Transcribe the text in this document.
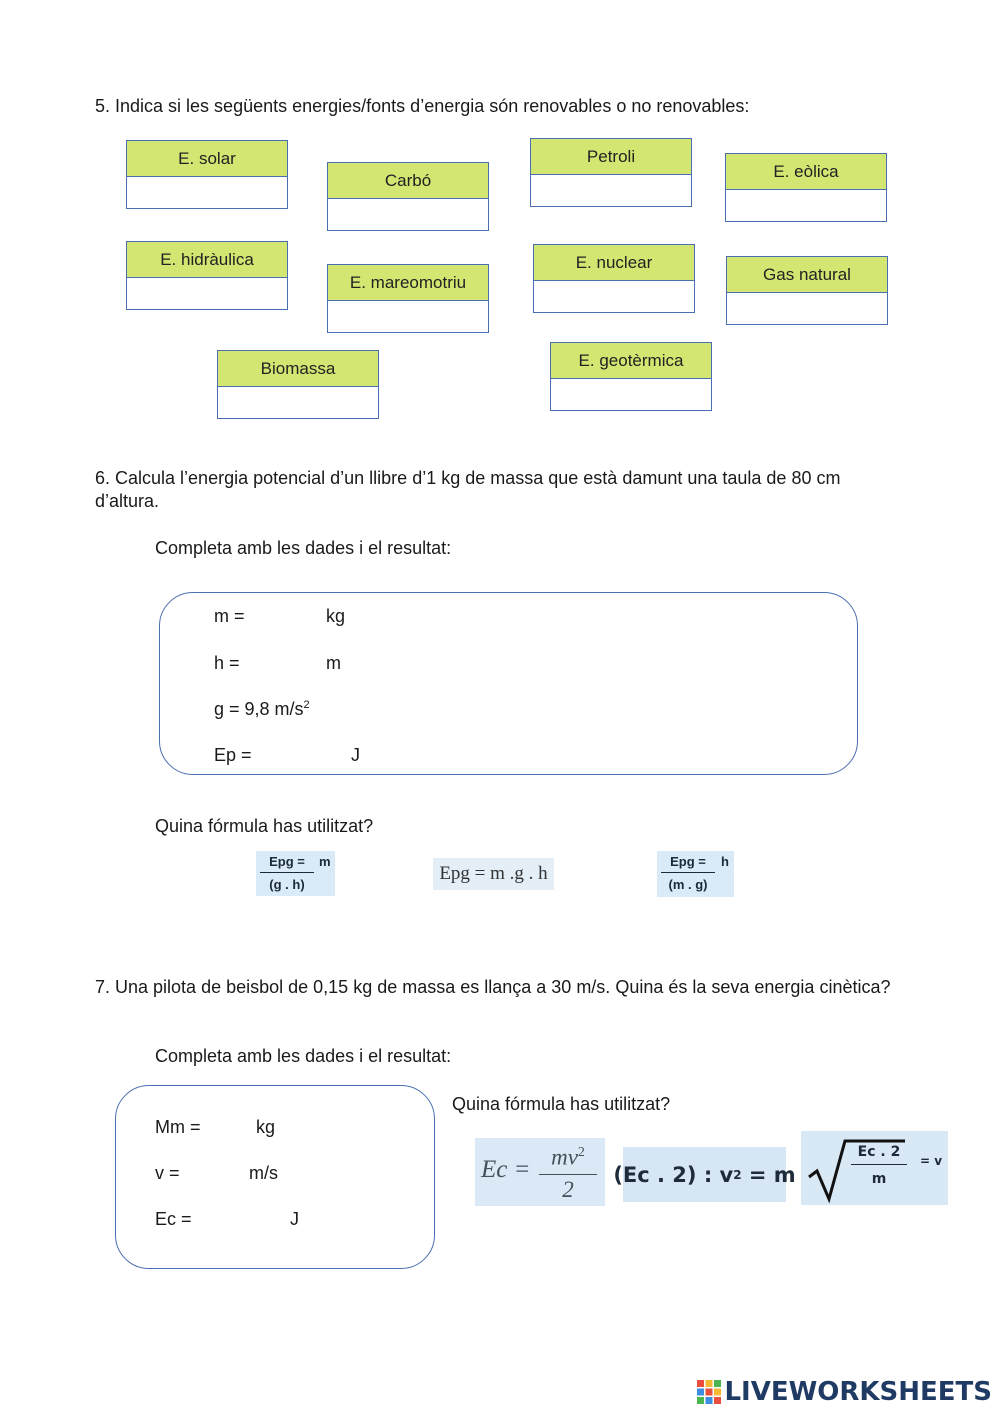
5. Indica si les següents energies/fonts d’energia són renovables o no renovables:
E. solar
Carbó
Petroli
E. eòlica
E. hidràulica
E. mareomotriu
E. nuclear
Gas natural
Biomassa	E. geotèrmica
6. Calcula l’energia potencial d’un llibre d’1 kg de massa que està damunt una taula de 80 cm d’altura.
Completa amb les dades i el resultat:
m =	kg
h =	m
g = 9,8 $m/s^2$
Ep =	J
Quina fórmula has utilitzat?
Epg =
(g . h)
m
Epg = m .g . h
Epg =
(m . g)
h
7. Una pilota de beisbol de 0,15 kg de massa es llança a 30 m/s. Quina és la seva energia cinètica?
Completa amb les dades i el resultat:
Mm =	kg
v =	m/s
Ec =	J
Quina fórmula has utilitzat?
$Ec = mv^2$
2
(Ec . 2) : v 2 = m
Ec . 2
m
= v
LIVEWORKSHEETS
